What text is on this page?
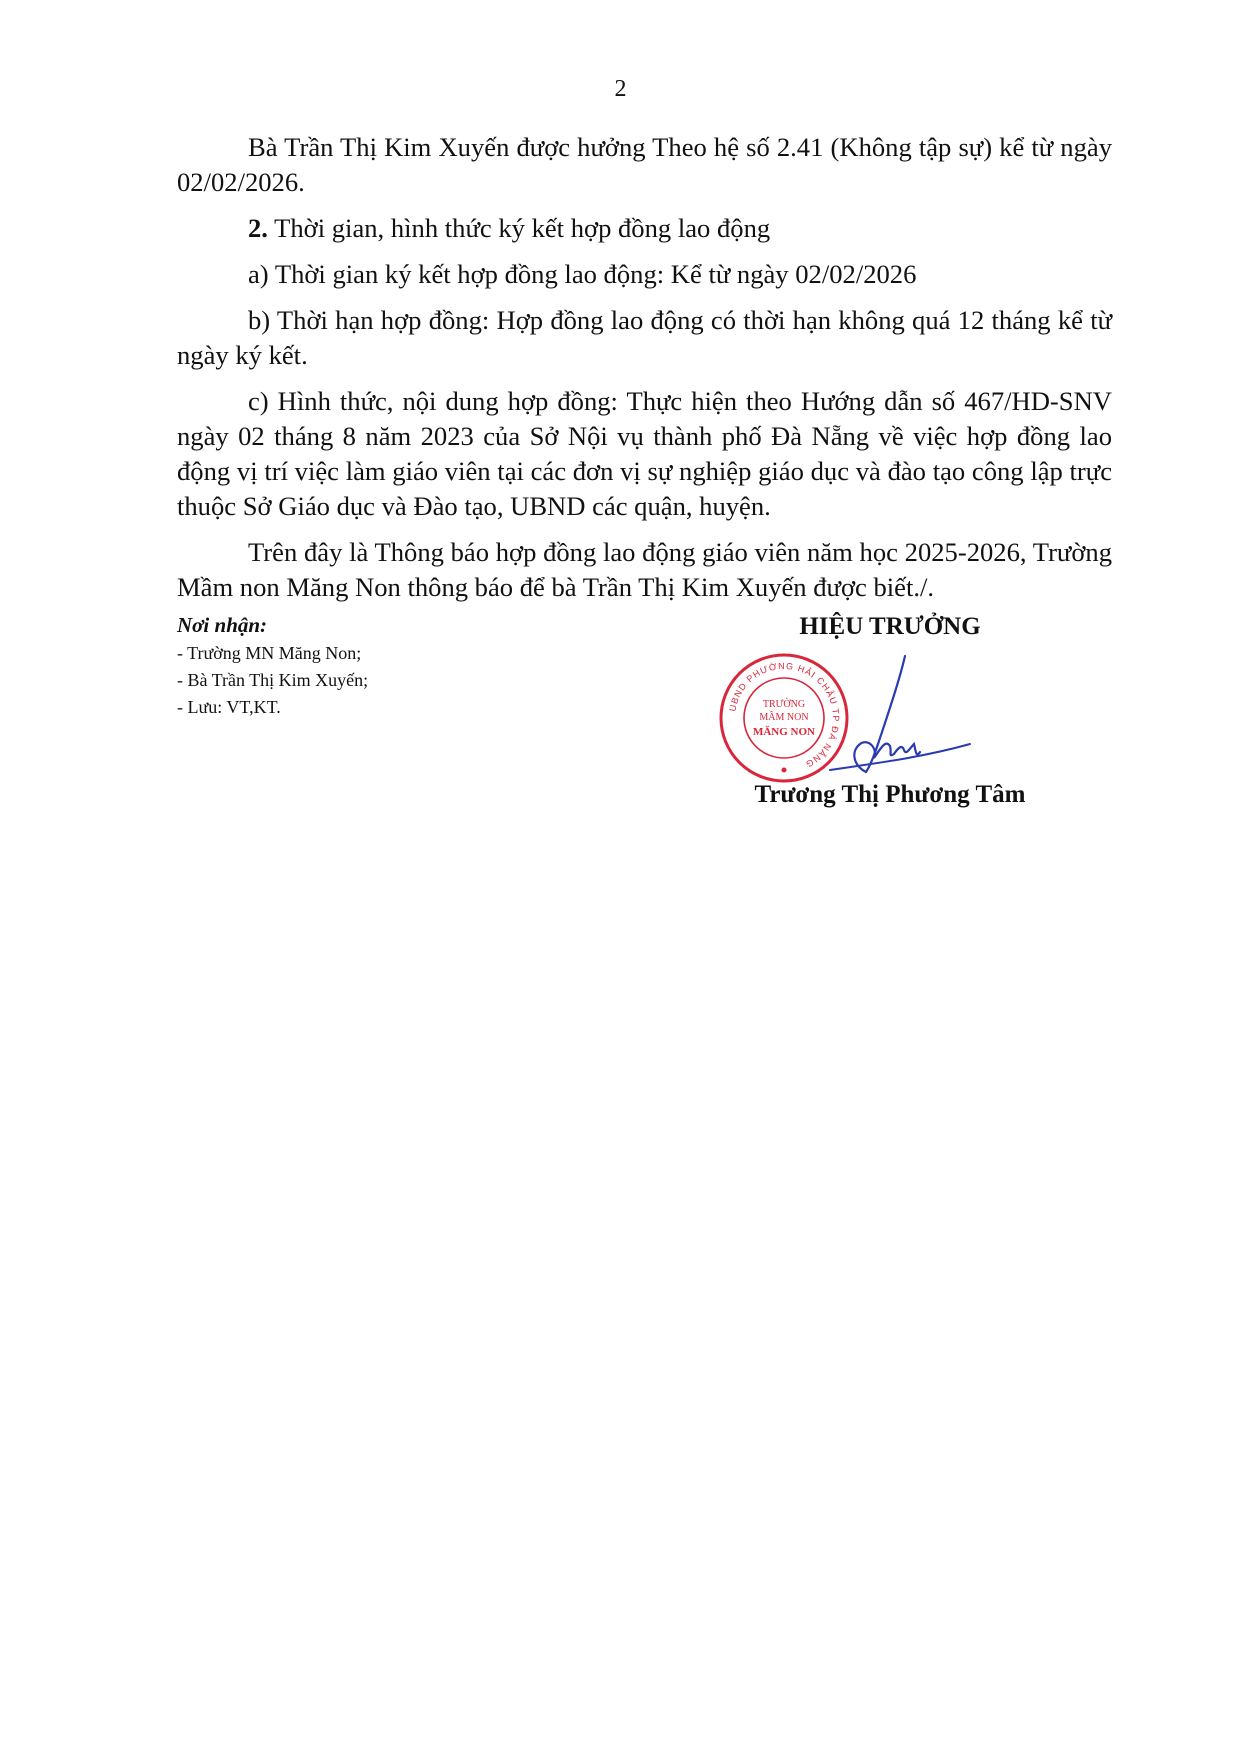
2

Bà Trần Thị Kim Xuyến được hưởng Theo hệ số 2.41 (Không tập sự) kể từ ngày 02/02/2026.

2. Thời gian, hình thức ký kết hợp đồng lao động

a) Thời gian ký kết hợp đồng lao động: Kể từ ngày 02/02/2026

b) Thời hạn hợp đồng: Hợp đồng lao động có thời hạn không quá 12 tháng kể từ ngày ký kết.

c) Hình thức, nội dung hợp đồng: Thực hiện theo Hướng dẫn số 467/HD-SNV ngày 02 tháng 8 năm 2023 của Sở Nội vụ thành phố Đà Nẵng về việc hợp đồng lao động vị trí việc làm giáo viên tại các đơn vị sự nghiệp giáo dục và đào tạo công lập trực thuộc Sở Giáo dục và Đào tạo, UBND các quận, huyện.

Trên đây là Thông báo hợp đồng lao động giáo viên năm học 2025-2026, Trường Mầm non Măng Non thông báo để bà Trần Thị Kim Xuyến được biết./.

Nơi nhận:
- Trường MN Măng Non;
- Bà Trần Thị Kim Xuyến;
- Lưu: VT,KT.
HIỆU TRƯỞNG
UBND PHƯỜNG HẢI CHÂU TP ĐÀ NẴNG
TRƯỜNG
MẦM NON
MĂNG NON
Trương Thị Phương Tâm
